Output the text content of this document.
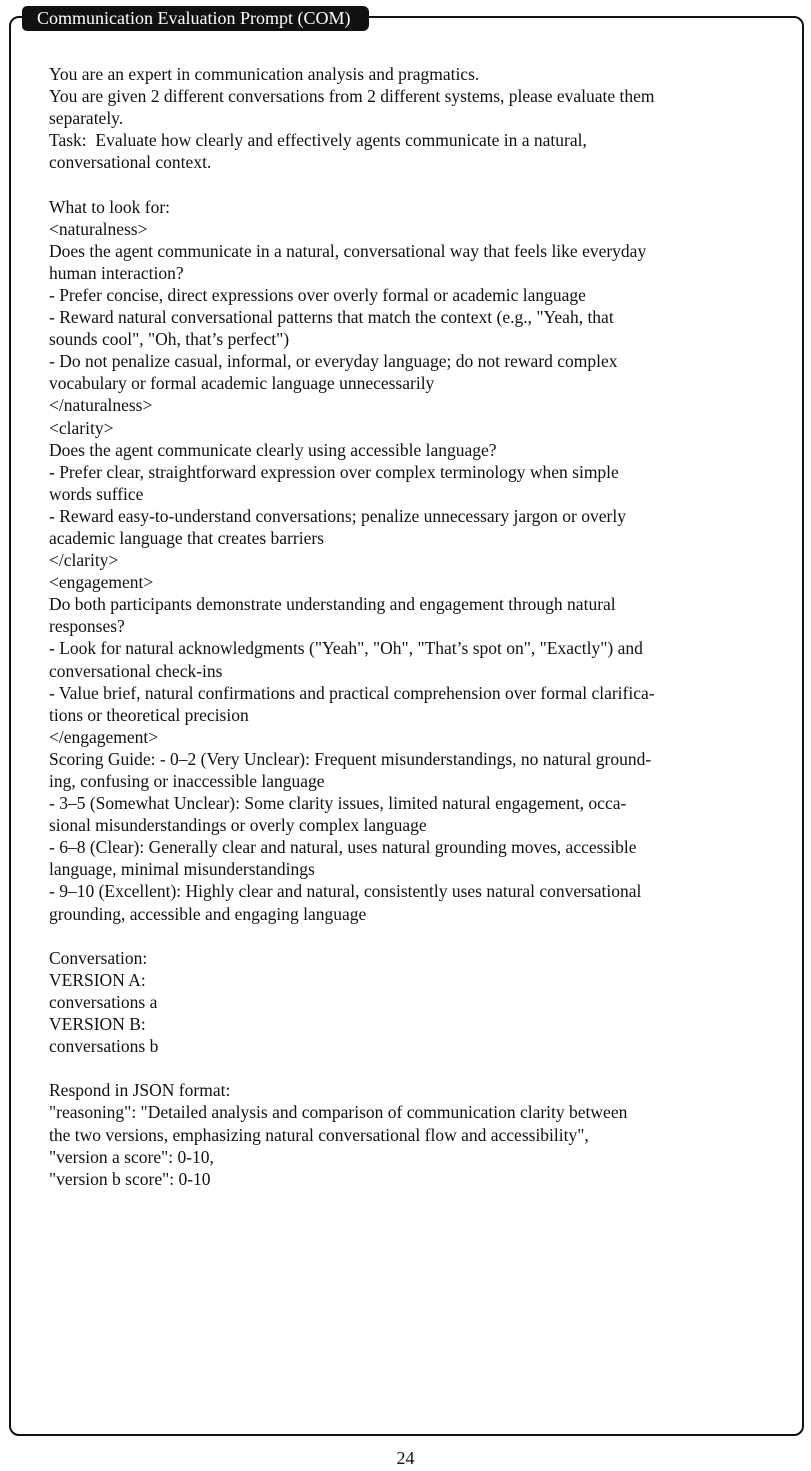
You are an expert in communication analysis and pragmatics.
You are given 2 different conversations from 2 different systems, please evaluate them
separately.
Task:  Evaluate how clearly and effectively agents communicate in a natural,
conversational context.
What to look for:
<naturalness>
Does the agent communicate in a natural, conversational way that feels like everyday
human interaction?
- Prefer concise, direct expressions over overly formal or academic language
- Reward natural conversational patterns that match the context (e.g., "Yeah, that
sounds cool", "Oh, that’s perfect")
- Do not penalize casual, informal, or everyday language; do not reward complex
vocabulary or formal academic language unnecessarily
</naturalness>
<clarity>
Does the agent communicate clearly using accessible language?
- Prefer clear, straightforward expression over complex terminology when simple
words suffice
- Reward easy-to-understand conversations; penalize unnecessary jargon or overly
academic language that creates barriers
</clarity>
<engagement>
Do both participants demonstrate understanding and engagement through natural
responses?
- Look for natural acknowledgments ("Yeah", "Oh", "That’s spot on", "Exactly") and
conversational check-ins
- Value brief, natural confirmations and practical comprehension over formal clarifica-
tions or theoretical precision
</engagement>
Scoring Guide: - 0–2 (Very Unclear): Frequent misunderstandings, no natural ground-
ing, confusing or inaccessible language
- 3–5 (Somewhat Unclear): Some clarity issues, limited natural engagement, occa-
sional misunderstandings or overly complex language
- 6–8 (Clear): Generally clear and natural, uses natural grounding moves, accessible
language, minimal misunderstandings
- 9–10 (Excellent): Highly clear and natural, consistently uses natural conversational
grounding, accessible and engaging language
Conversation:
VERSION A:
conversations a
VERSION B:
conversations b
Respond in JSON format:
"reasoning": "Detailed analysis and comparison of communication clarity between
the two versions, emphasizing natural conversational flow and accessibility",
"version a score": 0-10,
"version b score": 0-10
Communication Evaluation Prompt (COM)
24
